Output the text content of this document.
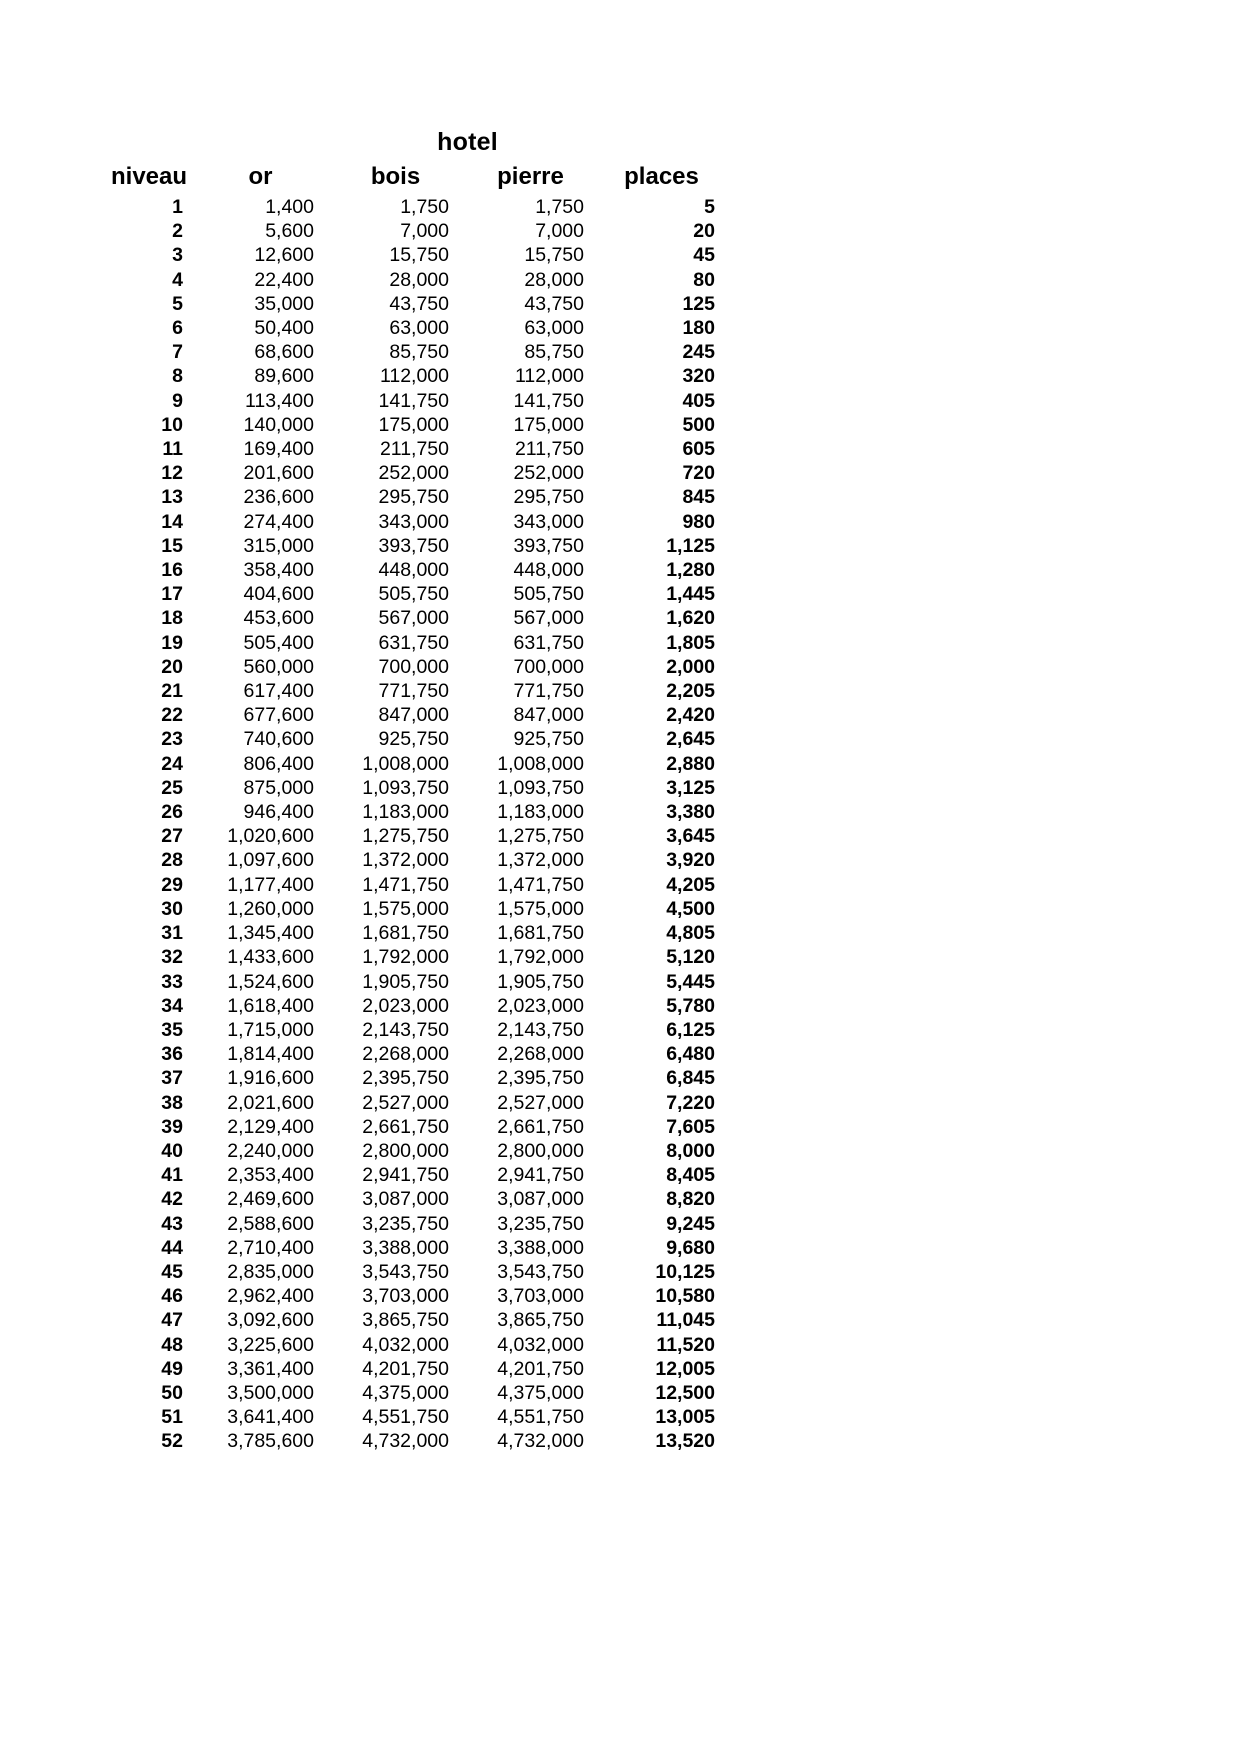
hotel
niveau	or	bois	pierre	places
1	1,400	1,750	1,750	5
2	5,600	7,000	7,000	20
3	12,600	15,750	15,750	45
4	22,400	28,000	28,000	80
5	35,000	43,750	43,750	125
6	50,400	63,000	63,000	180
7	68,600	85,750	85,750	245
8	89,600	112,000	112,000	320
9	113,400	141,750	141,750	405
10	140,000	175,000	175,000	500
11	169,400	211,750	211,750	605
12	201,600	252,000	252,000	720
13	236,600	295,750	295,750	845
14	274,400	343,000	343,000	980
15	315,000	393,750	393,750	1,125
16	358,400	448,000	448,000	1,280
17	404,600	505,750	505,750	1,445
18	453,600	567,000	567,000	1,620
19	505,400	631,750	631,750	1,805
20	560,000	700,000	700,000	2,000
21	617,400	771,750	771,750	2,205
22	677,600	847,000	847,000	2,420
23	740,600	925,750	925,750	2,645
24	806,400	1,008,000	1,008,000	2,880
25	875,000	1,093,750	1,093,750	3,125
26	946,400	1,183,000	1,183,000	3,380
27	1,020,600	1,275,750	1,275,750	3,645
28	1,097,600	1,372,000	1,372,000	3,920
29	1,177,400	1,471,750	1,471,750	4,205
30	1,260,000	1,575,000	1,575,000	4,500
31	1,345,400	1,681,750	1,681,750	4,805
32	1,433,600	1,792,000	1,792,000	5,120
33	1,524,600	1,905,750	1,905,750	5,445
34	1,618,400	2,023,000	2,023,000	5,780
35	1,715,000	2,143,750	2,143,750	6,125
36	1,814,400	2,268,000	2,268,000	6,480
37	1,916,600	2,395,750	2,395,750	6,845
38	2,021,600	2,527,000	2,527,000	7,220
39	2,129,400	2,661,750	2,661,750	7,605
40	2,240,000	2,800,000	2,800,000	8,000
41	2,353,400	2,941,750	2,941,750	8,405
42	2,469,600	3,087,000	3,087,000	8,820
43	2,588,600	3,235,750	3,235,750	9,245
44	2,710,400	3,388,000	3,388,000	9,680
45	2,835,000	3,543,750	3,543,750	10,125
46	2,962,400	3,703,000	3,703,000	10,580
47	3,092,600	3,865,750	3,865,750	11,045
48	3,225,600	4,032,000	4,032,000	11,520
49	3,361,400	4,201,750	4,201,750	12,005
50	3,500,000	4,375,000	4,375,000	12,500
51	3,641,400	4,551,750	4,551,750	13,005
52	3,785,600	4,732,000	4,732,000	13,520
